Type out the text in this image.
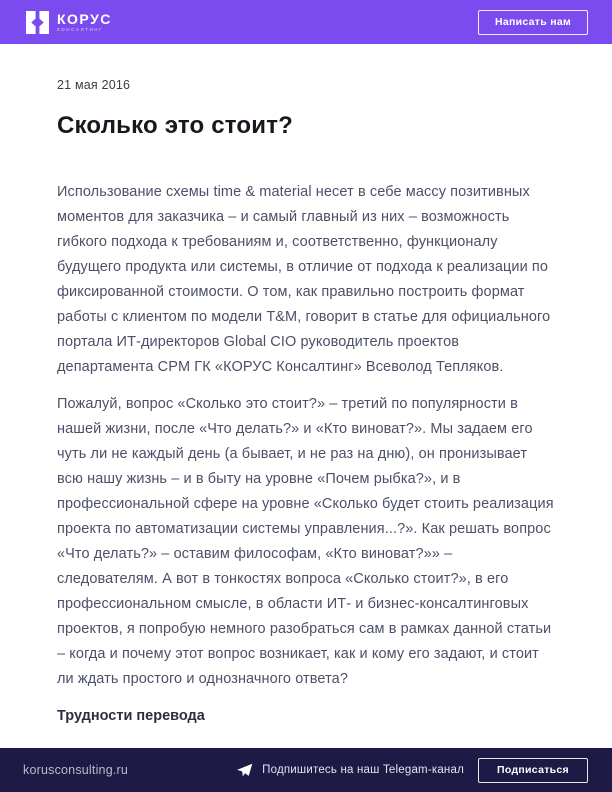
КОРУС
КОНСАЛТИНГ
Написать нам
21 мая 2016
Сколько это стоит?

Использование схемы time & material несет в себе массу позитивных моментов для заказчика – и самый главный из них – возможность гибкого подхода к требованиям и, соответственно, функционалу будущего продукта или системы, в отличие от подхода к реализации по фиксированной стоимости. О том, как правильно построить формат работы с клиентом по модели T&M, говорит в статье для официального портала ИТ-директоров Global CIO руководитель проектов департамента CPM ГК «КОРУС Консалтинг» Всеволод Тепляков.

Пожалуй, вопрос «Сколько это стоит?» – третий по популярности в нашей жизни, после «Что делать?» и «Кто виноват?». Мы задаем его чуть ли не каждый день (а бывает, и не раз на дню), он пронизывает всю нашу жизнь – и в быту на уровне «Почем рыбка?», и в профессиональной сфере на уровне «Сколько будет стоить реализация проекта по автоматизации системы управления...?». Как решать вопрос «Что делать?» – оставим философам, «Кто виноват?»» – следователям. А вот в тонкостях вопроса «Сколько стоит?», в его профессиональном смысле, в области ИТ- и бизнес-консалтинговых проектов, я попробую немного разобраться сам в рамках данной статьи – когда и почему этот вопрос возникает, как и кому его задают, и стоит ли ждать простого и однозначного ответа?

Трудности перевода
korusconsulting.ru	Подпишитесь на наш Telegam-канал	Подписаться
